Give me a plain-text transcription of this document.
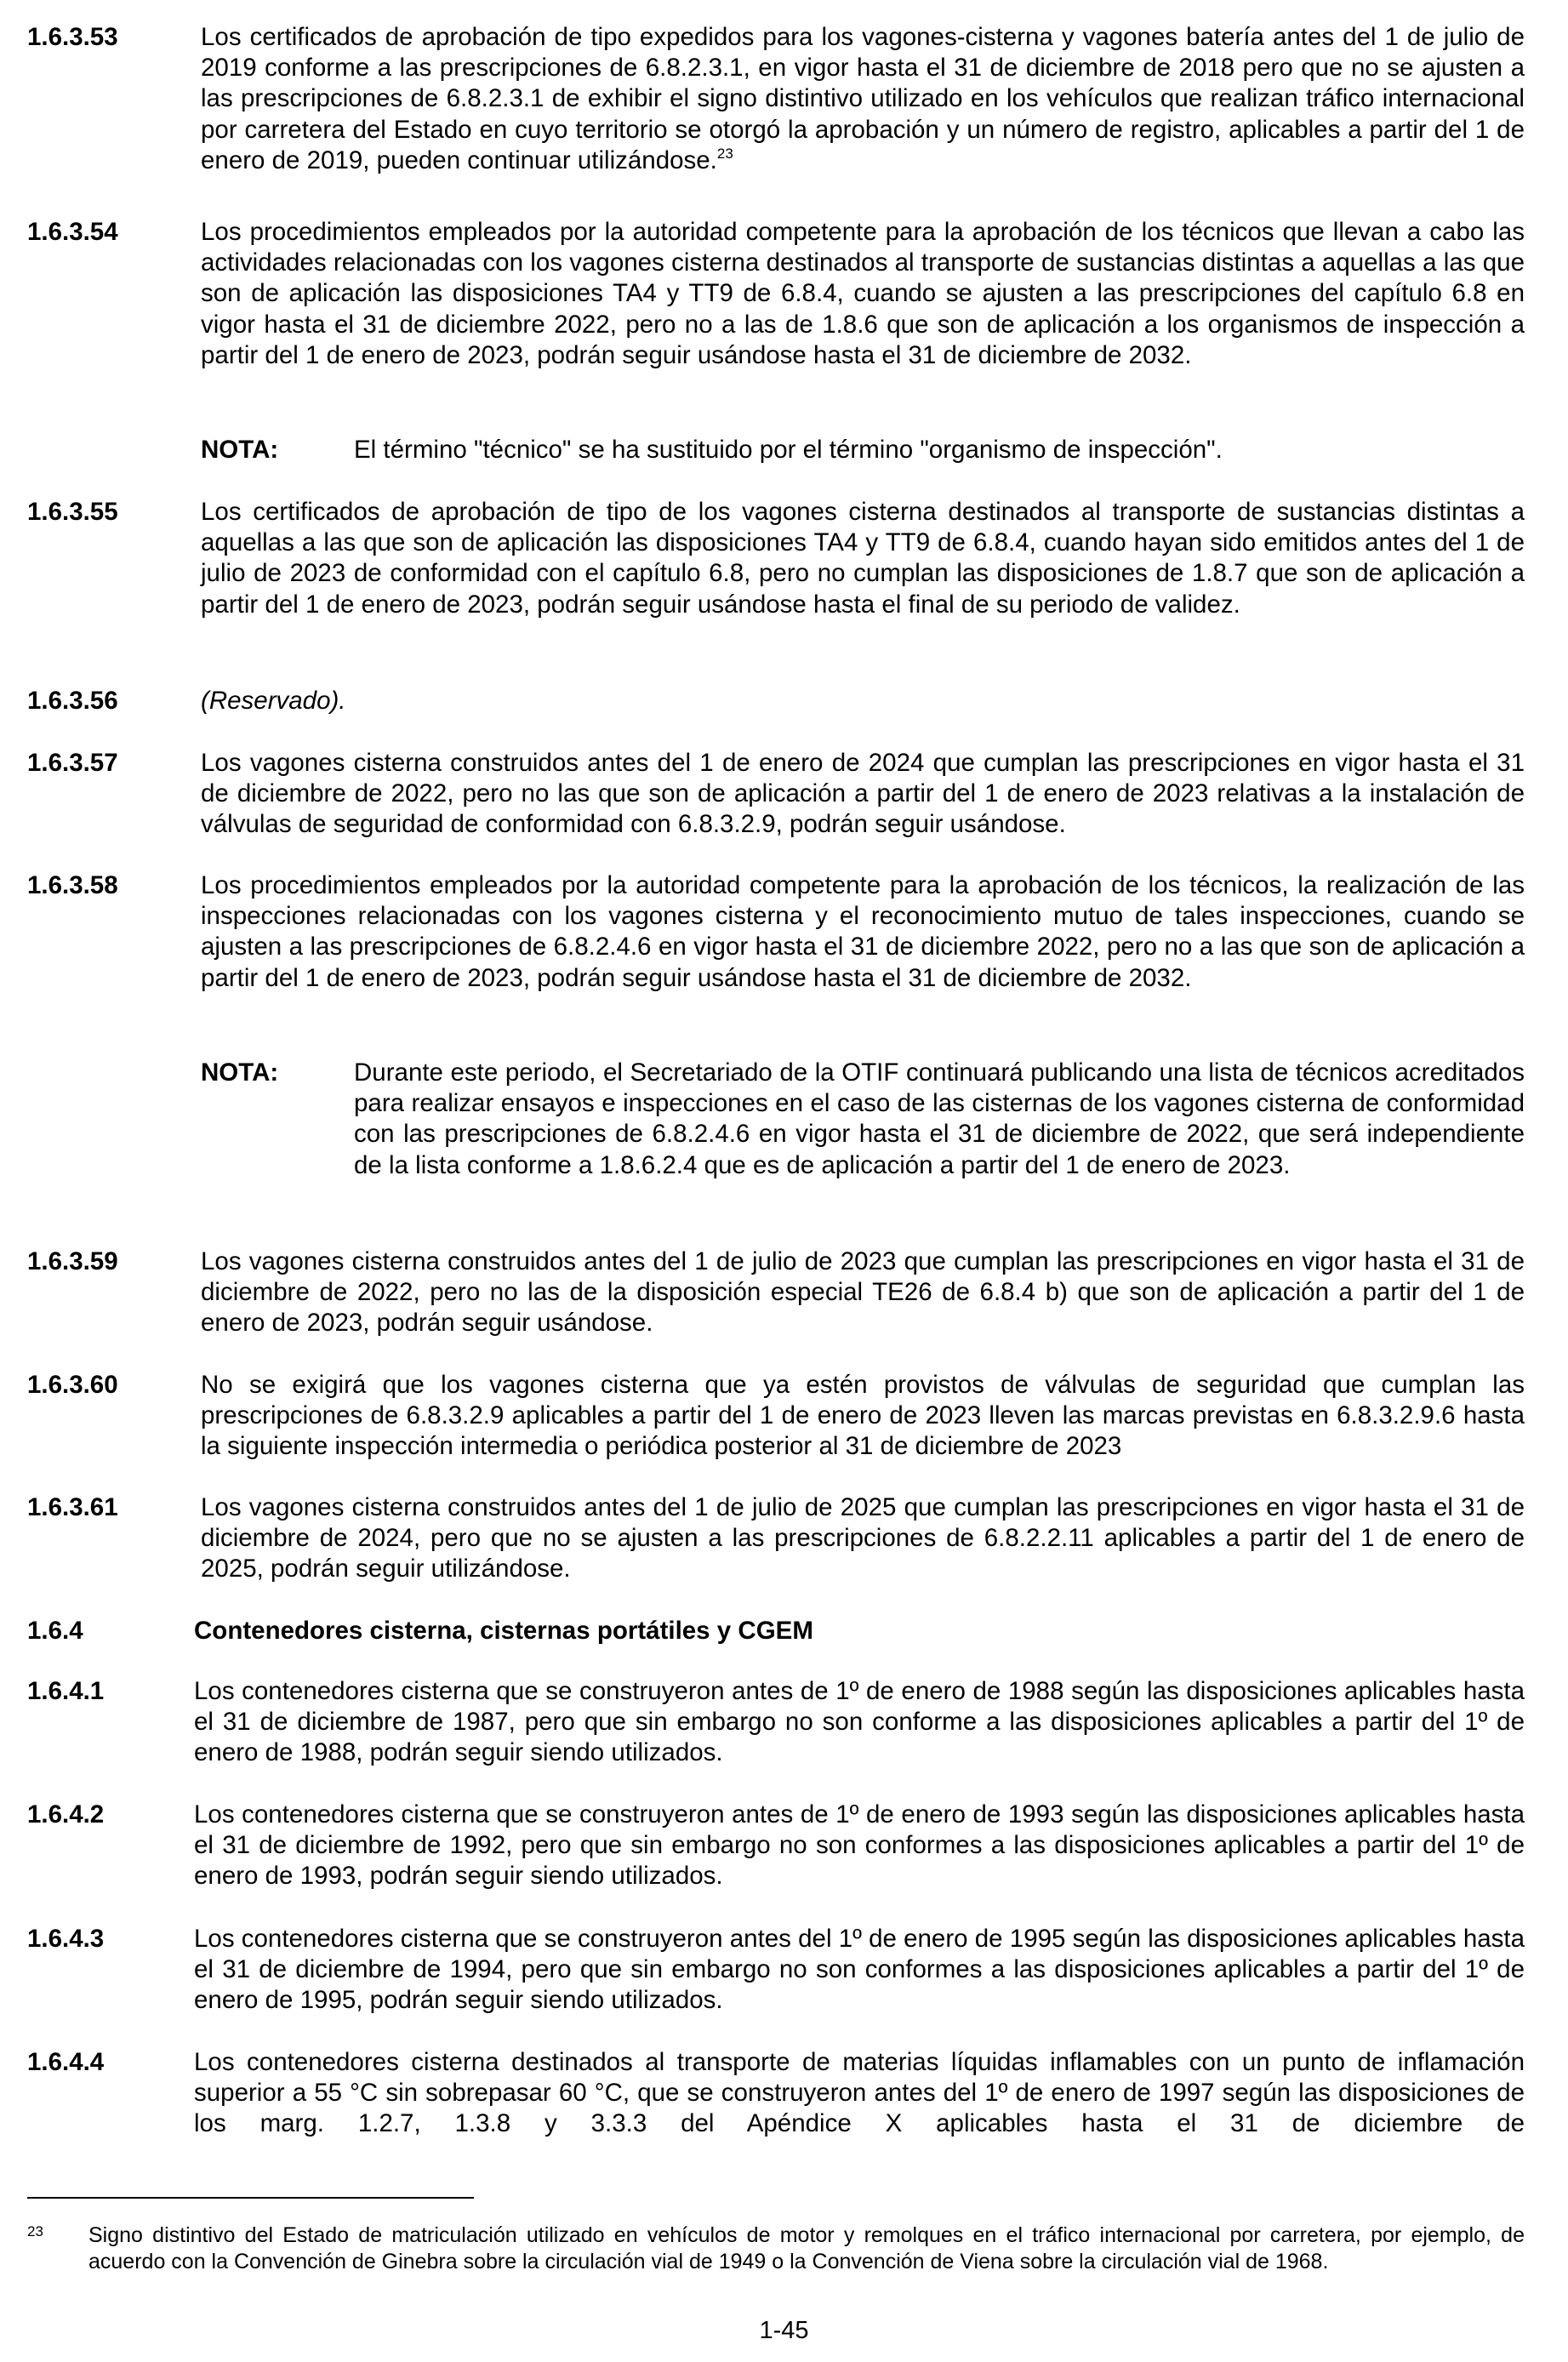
1.6.3.53	Los certificados de aprobación de tipo expedidos para los vagones-cisterna y vagones batería antes del 1 de julio de 2019 conforme a las prescripciones de 6.8.2.3.1, en vigor hasta el 31 de diciembre de 2018 pero que no se ajusten a las prescripciones de 6.8.2.3.1 de exhibir el signo distintivo utilizado en los vehículos que realizan tráfico internacional por carretera del Estado en cuyo territorio se otorgó la aprobación y un número de registro, aplicables a partir del 1 de enero de 2019, pueden continuar utilizándose.$^{23}$
1.6.3.54	Los procedimientos empleados por la autoridad competente para la aprobación de los técnicos que llevan a cabo las actividades relacionadas con los vagones cisterna destinados al transporte de sustancias distintas a aquellas a las que son de aplicación las disposiciones TA4 y TT9 de 6.8.4, cuando se ajusten a las prescripciones del capítulo 6.8 en vigor hasta el 31 de diciembre 2022, pero no a las de 1.8.6 que son de aplicación a los organismos de inspección a partir del 1 de enero de 2023, podrán seguir usándose hasta el 31 de diciembre de 2032.
NOTA:	El término "técnico" se ha sustituido por el término "organismo de inspección".
1.6.3.55	Los certificados de aprobación de tipo de los vagones cisterna destinados al transporte de sustancias distintas a aquellas a las que son de aplicación las disposiciones TA4 y TT9 de 6.8.4, cuando hayan sido emitidos antes del 1 de julio de 2023 de conformidad con el capítulo 6.8, pero no cumplan las disposiciones de 1.8.7 que son de aplicación a partir del 1 de enero de 2023, podrán seguir usándose hasta el final de su periodo de validez.
1.6.3.56	(Reservado).
1.6.3.57	Los vagones cisterna construidos antes del 1 de enero de 2024 que cumplan las prescripciones en vigor hasta el 31 de diciembre de 2022, pero no las que son de aplicación a partir del 1 de enero de 2023 relativas a la instalación de válvulas de seguridad de conformidad con 6.8.3.2.9, podrán seguir usándose.
1.6.3.58	Los procedimientos empleados por la autoridad competente para la aprobación de los técnicos, la realización de las inspecciones relacionadas con los vagones cisterna y el reconocimiento mutuo de tales inspecciones, cuando se ajusten a las prescripciones de 6.8.2.4.6 en vigor hasta el 31 de diciembre 2022, pero no a las que son de aplicación a partir del 1 de enero de 2023, podrán seguir usándose hasta el 31 de diciembre de 2032.
NOTA:	Durante este periodo, el Secretariado de la OTIF continuará publicando una lista de técnicos acreditados para realizar ensayos e inspecciones en el caso de las cisternas de los vagones cisterna de conformidad con las prescripciones de 6.8.2.4.6 en vigor hasta el 31 de diciembre de 2022, que será independiente de la lista conforme a 1.8.6.2.4 que es de aplicación a partir del 1 de enero de 2023.
1.6.3.59	Los vagones cisterna construidos antes del 1 de julio de 2023 que cumplan las prescripciones en vigor hasta el 31 de diciembre de 2022, pero no las de la disposición especial TE26 de 6.8.4 b) que son de aplicación a partir del 1 de enero de 2023, podrán seguir usándose.
1.6.3.60	No se exigirá que los vagones cisterna que ya estén provistos de válvulas de seguridad que cumplan las prescripciones de 6.8.3.2.9 aplicables a partir del 1 de enero de 2023 lleven las marcas previstas en 6.8.3.2.9.6 hasta la siguiente inspección intermedia o periódica posterior al 31 de diciembre de 2023
1.6.3.61	Los vagones cisterna construidos antes del 1 de julio de 2025 que cumplan las prescripciones en vigor hasta el 31 de diciembre de 2024, pero que no se ajusten a las prescripciones de 6.8.2.2.11 aplicables a partir del 1 de enero de 2025, podrán seguir utilizándose.
1.6.4	Contenedores cisterna, cisternas portátiles y CGEM
1.6.4.1	Los contenedores cisterna que se construyeron antes de 1º de enero de 1988 según las disposiciones aplicables hasta el 31 de diciembre de 1987, pero que sin embargo no son conforme a las disposiciones aplicables a partir del 1º de enero de 1988, podrán seguir siendo utilizados.
1.6.4.2	Los contenedores cisterna que se construyeron antes de 1º de enero de 1993 según las disposiciones aplicables hasta el 31 de diciembre de 1992, pero que sin embargo no son conformes a las disposiciones aplicables a partir del 1º de enero de 1993, podrán seguir siendo utilizados.
1.6.4.3	Los contenedores cisterna que se construyeron antes del 1º de enero de 1995 según las disposiciones aplicables hasta el 31 de diciembre de 1994, pero que sin embargo no son conformes a las disposiciones aplicables a partir del 1º de enero de 1995, podrán seguir siendo utilizados.
1.6.4.4	Los contenedores cisterna destinados al transporte de materias líquidas inflamables con un punto de inflamación superior a 55 °C sin sobrepasar 60 °C, que se construyeron antes del 1º de enero de 1997 según las disposiciones de los marg. 1.2.7, 1.3.8 y 3.3.3 del Apéndice X aplicables hasta el 31 de diciembre de
23	Signo distintivo del Estado de matriculación utilizado en vehículos de motor y remolques en el tráfico internacional por carretera, por ejemplo, de acuerdo con la Convención de Ginebra sobre la circulación vial de 1949 o la Convención de Viena sobre la circulación vial de 1968.
1-45
